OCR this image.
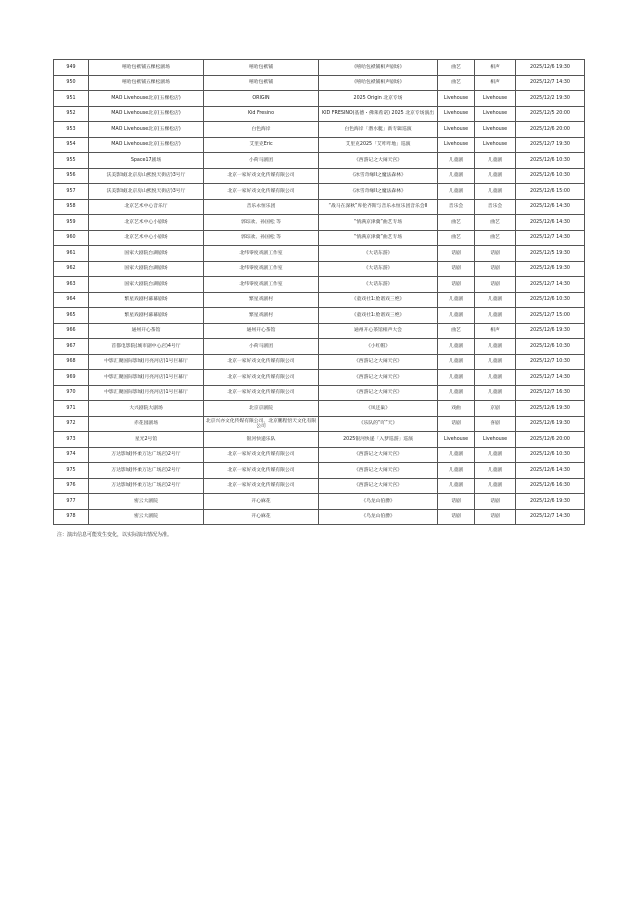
949	嘻哈包袱铺五棵松剧场	嘻哈包袱铺	《嘻哈包袱铺相声剧场》	曲艺	相声	2025/12/6 19:30
950	嘻哈包袱铺五棵松剧场	嘻哈包袱铺	《嘻哈包袱铺相声剧场》	曲艺	相声	2025/12/7 14:30
951	MAO Livehouse北京(五棵松店)	ORIGIN	2025 Origin 北京专场	Livehouse	Livehouse	2025/12/2 19:30
952	MAO Livehouse北京(五棵松店)	Kid Fresino	KID FRESINO(基德・佛莱希诺) 2025 北京专场演出	Livehouse	Livehouse	2025/12/5 20:00
953	MAO Livehouse北京(五棵松店)	白色海岸	白色海岸「潜水艇」新专辑巡演	Livehouse	Livehouse	2025/12/6 20:00
954	MAO Livehouse北京(五棵松店)	艾里克Eric	艾里克2025「艾咋咋地」巡演	Livehouse	Livehouse	2025/12/7 19:30
955	Space17剧场	小荷马剧团	《西游记之大闹天宫》	儿童剧	儿童剧	2025/12/6 10:30
956	沃美影城(北京房山熙悦天街店)3号厅	北京一家好戏文化传媒有限公司	《冰雪奇缘II之魔法森林》	儿童剧	儿童剧	2025/12/6 10:30
957	沃美影城(北京房山熙悦天街店)3号厅	北京一家好戏文化传媒有限公司	《冰雪奇缘II之魔法森林》	儿童剧	儿童剧	2025/12/6 15:00
958	北京艺术中心音乐厅	音乐永恒乐团	“战马在深秋”库伦齐斯与音乐永恒乐团音乐会II	音乐会	音乐会	2025/12/6 14:30
959	北京艺术中心小剧场	郭琮欢、孙国松 等	“情满京津冀”曲艺专场	曲艺	曲艺	2025/12/6 14:30
960	北京艺术中心小剧场	郭琮欢、孙国松 等	“情满京津冀”曲艺专场	曲艺	曲艺	2025/12/7 14:30
961	国家大剧院台湖剧场	北纬零度戏剧工作室	《大话东游》	话剧	话剧	2025/12/5 19:30
962	国家大剧院台湖剧场	北纬零度戏剧工作室	《大话东游》	话剧	话剧	2025/12/6 19:30
963	国家大剧院台湖剧场	北纬零度戏剧工作室	《大话东游》	话剧	话剧	2025/12/7 14:30
964	繁星戏剧村幕幕剧场	繁星戏剧村	《童戏社1:脸谱戏三绝》	儿童剧	儿童剧	2025/12/6 10:30
965	繁星戏剧村幕幕剧场	繁星戏剧村	《童戏社1:脸谱戏三绝》	儿童剧	儿童剧	2025/12/7 15:00
966	通州开心茶馆	通州开心茶馆	通州开心茶馆相声大会	曲艺	相声	2025/12/6 19:30
967	首都电影院(城市副中心店)4号厅	小荷马剧团	《小红帽》	儿童剧	儿童剧	2025/12/6 10:30
968	中影汇聚国际影城(月亮河店)1号巨幕厅	北京一家好戏文化传媒有限公司	《西游记之大闹天宫》	儿童剧	儿童剧	2025/12/7 10:30
969	中影汇聚国际影城(月亮河店)1号巨幕厅	北京一家好戏文化传媒有限公司	《西游记之大闹天宫》	儿童剧	儿童剧	2025/12/7 14:30
970	中影汇聚国际影城(月亮河店)1号巨幕厅	北京一家好戏文化传媒有限公司	《西游记之大闹天宫》	儿童剧	儿童剧	2025/12/7 16:30
971	大兴剧院大剧场	北京京剧院	《凤还巢》	戏曲	京剧	2025/12/6 19:30
972	赤花园剧场	北京兴亦文化传媒有限公司、北京鹏程悟天文化有限公司	《乐队的“吖”天》	话剧	喜剧	2025/12/6 19:30
973	星光2号馆	银河快递乐队	2025银河快递「入梦巡游」巡演	Livehouse	Livehouse	2025/12/6 20:00
974	万达影城(怀柔万达广场店)2号厅	北京一家好戏文化传媒有限公司	《西游记之大闹天宫》	儿童剧	儿童剧	2025/12/6 10:30
975	万达影城(怀柔万达广场店)2号厅	北京一家好戏文化传媒有限公司	《西游记之大闹天宫》	儿童剧	儿童剧	2025/12/6 14:30
976	万达影城(怀柔万达广场店)2号厅	北京一家好戏文化传媒有限公司	《西游记之大闹天宫》	儿童剧	儿童剧	2025/12/6 16:30
977	密云大剧院	开心麻花	《乌龙山伯爵》	话剧	话剧	2025/12/6 19:30
978	密云大剧院	开心麻花	《乌龙山伯爵》	话剧	话剧	2025/12/7 14:30
注：演出信息可能发生变化，以实际演出情况为准。
